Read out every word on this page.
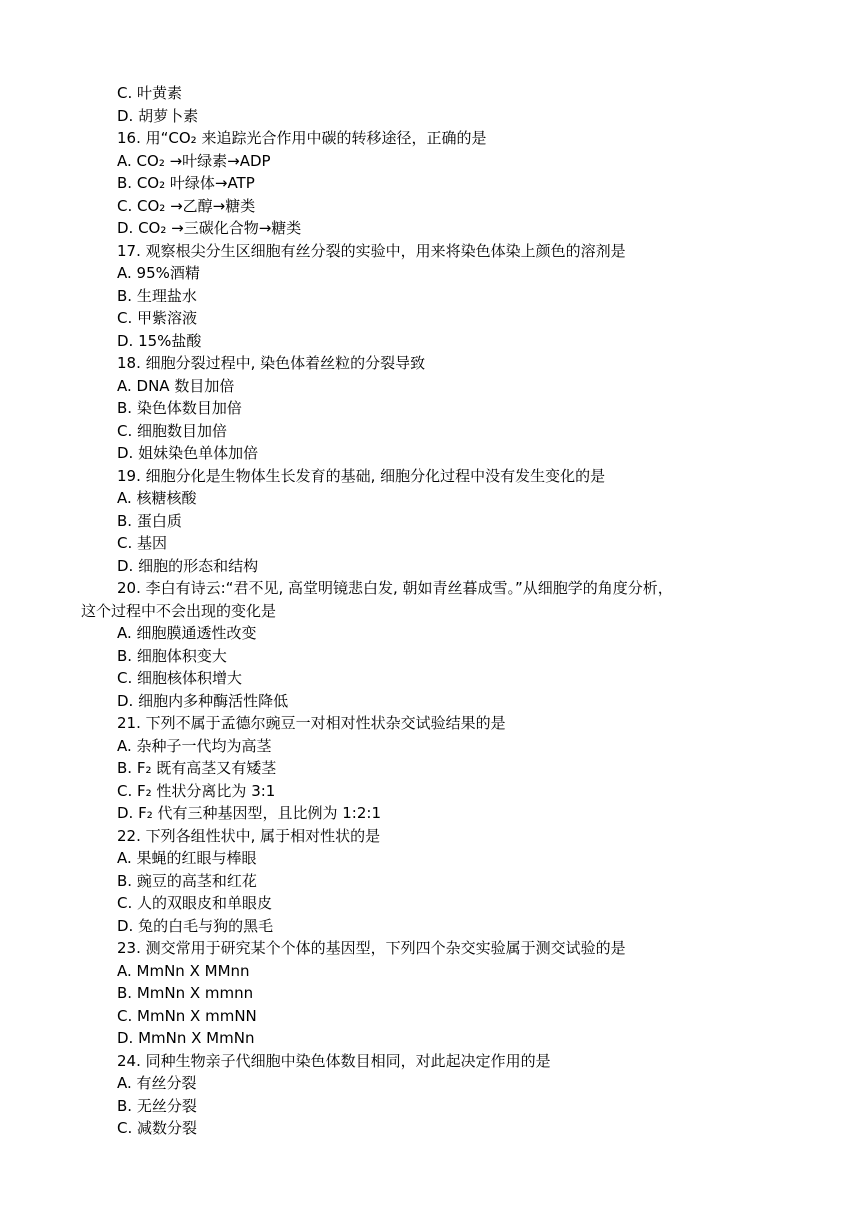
C. 叶黄素
D. 胡萝卜素
16. 用“CO₂ 来追踪光合作用中碳的转移途径，正确的是
A. CO₂ →叶绿素→ADP
B. CO₂ 叶绿体→ATP
C. CO₂ →乙醇→糖类
D. CO₂ →三碳化合物→糖类
17. 观察根尖分生区细胞有丝分裂的实验中，用来将染色体染上颜色的溶剂是
A. 95%酒精
B. 生理盐水
C. 甲紫溶液
D. 15%盐酸
18. 细胞分裂过程中, 染色体着丝粒的分裂导致
A. DNA 数目加倍
B. 染色体数目加倍
C. 细胞数目加倍
D. 姐妹染色单体加倍
19. 细胞分化是生物体生长发育的基础, 细胞分化过程中没有发生变化的是
A. 核糖核酸
B. 蛋白质
C. 基因
D. 细胞的形态和结构
20. 李白有诗云:“君不见, 高堂明镜悲白发, 朝如青丝暮成雪。”从细胞学的角度分析，
这个过程中不会出现的变化是
A. 细胞膜通透性改变
B. 细胞体积变大
C. 细胞核体积增大
D. 细胞内多种酶活性降低
21. 下列不属于孟德尔豌豆一对相对性状杂交试验结果的是
A. 杂种子一代均为高茎
B. F₂ 既有高茎又有矮茎
C. F₂ 性状分离比为 3:1
D. F₂ 代有三种基因型，且比例为 1:2:1
22. 下列各组性状中, 属于相对性状的是
A. 果蝇的红眼与棒眼
B. 豌豆的高茎和红花
C. 人的双眼皮和单眼皮
D. 兔的白毛与狗的黑毛
23. 测交常用于研究某个个体的基因型，下列四个杂交实验属于测交试验的是
A. MmNn X MMnn
B. MmNn X mmnn
C. MmNn X mmNN
D. MmNn X MmNn
24. 同种生物亲子代细胞中染色体数目相同，对此起决定作用的是
A. 有丝分裂
B. 无丝分裂
C. 减数分裂
